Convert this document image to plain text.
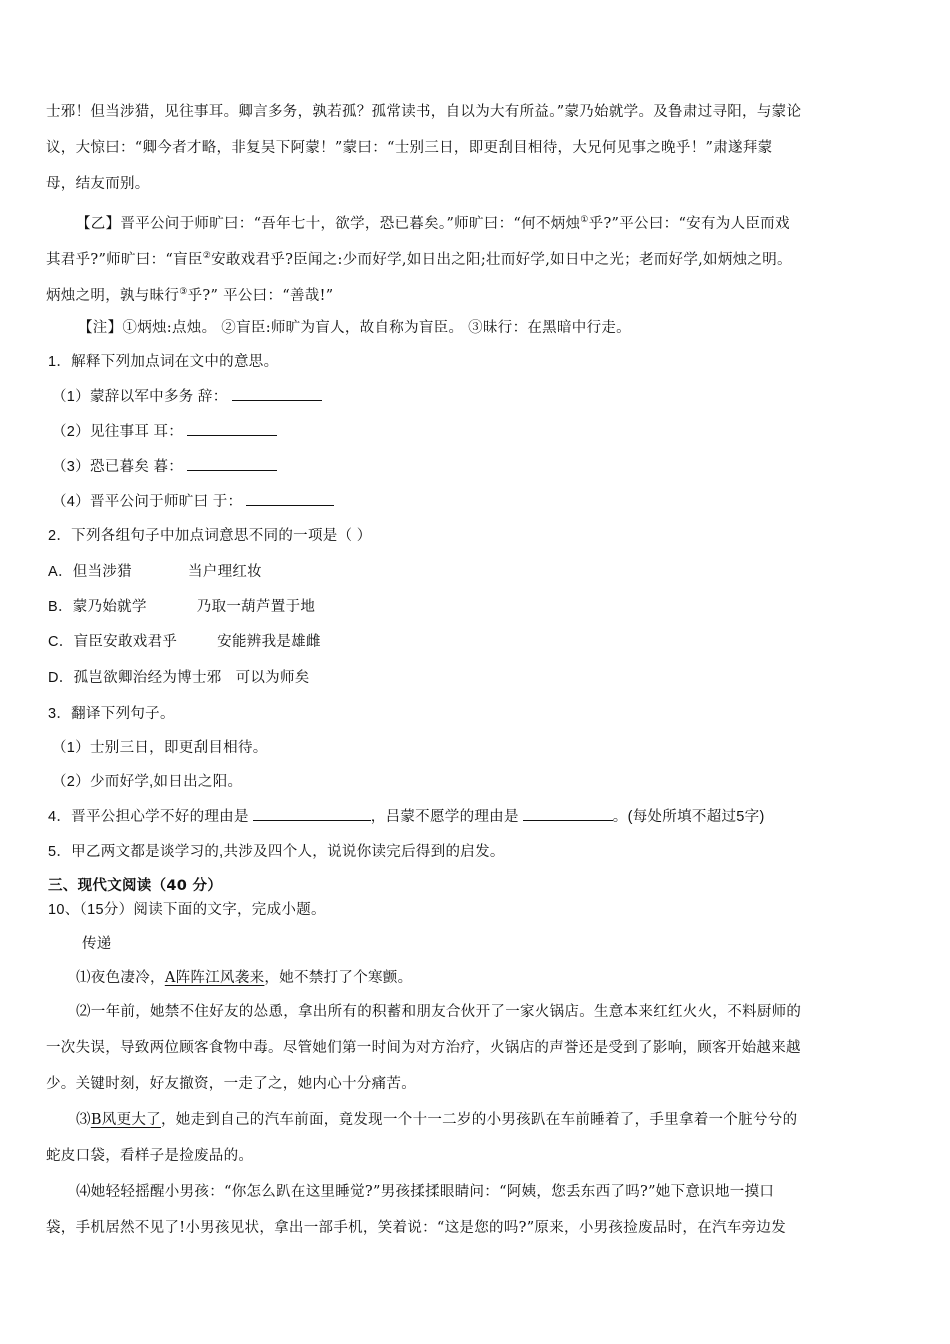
士邪！但当涉猎，见往事耳。卿言多务，孰若孤？孤常读书，自以为大有所益。”蒙乃始就学。及鲁肃过寻阳，与蒙论
议，大惊曰：“卿今者才略，非复吴下阿蒙！”蒙曰：“士别三日，即更刮目相待，大兄何见事之晚乎！”肃遂拜蒙
母，结友而别。
【乙】晋平公问于师旷曰：“吾年七十，欲学，恐已暮矣。”师旷曰：“何不炳烛①乎?”平公曰：“安有为人臣而戏
其君乎?”师旷曰：“盲臣②安敢戏君乎?臣闻之:少而好学,如日出之阳;壮而好学,如日中之光；老而好学,如炳烛之明。
炳烛之明，孰与昧行③乎?” 平公曰：“善哉!”
【注】①炳烛:点烛。 ②盲臣:师旷为盲人，故自称为盲臣。 ③昧行：在黑暗中行走。
1．解释下列加点词在文中的意思。
（1）蒙辞以军中多务 辞：
（2）见往事耳 耳：
（3）恐已暮矣 暮：
（4）晋平公问于师旷曰 于：
2．下列各组句子中加点词意思不同的一项是（ ）
A．但当涉猎	当户理红妆
B．蒙乃始就学	乃取一葫芦置于地
C．盲臣安敢戏君乎	安能辨我是雄雌
D．孤岂欲卿治经为博士邪 可以为师矣
3．翻译下列句子。
（1）士别三日，即更刮目相待。
（2）少而好学,如日出之阳。
4．晋平公担心学不好的理由是	，吕蒙不愿学的理由是	。(每处所填不超过5字)
5．甲乙两文都是谈学习的,共涉及四个人，说说你读完后得到的启发。
三、现代文阅读（40 分）
10、（15分）阅读下面的文字，完成小题。
传递
⑴夜色凄冷，A阵阵江风袭来，她不禁打了个寒颤。
⑵一年前，她禁不住好友的怂恿，拿出所有的积蓄和朋友合伙开了一家火锅店。生意本来红红火火，不料厨师的
一次失误，导致两位顾客食物中毒。尽管她们第一时间为对方治疗，火锅店的声誉还是受到了影响，顾客开始越来越
少。关键时刻，好友撤资，一走了之，她内心十分痛苦。
⑶B风更大了，她走到自己的汽车前面，竟发现一个十一二岁的小男孩趴在车前睡着了，手里拿着一个脏兮兮的
蛇皮口袋，看样子是捡废品的。
⑷她轻轻摇醒小男孩：“你怎么趴在这里睡觉?”男孩揉揉眼睛问：“阿姨，您丢东西了吗?”她下意识地一摸口
袋，手机居然不见了!小男孩见状，拿出一部手机，笑着说：“这是您的吗?”原来，小男孩捡废品时，在汽车旁边发
